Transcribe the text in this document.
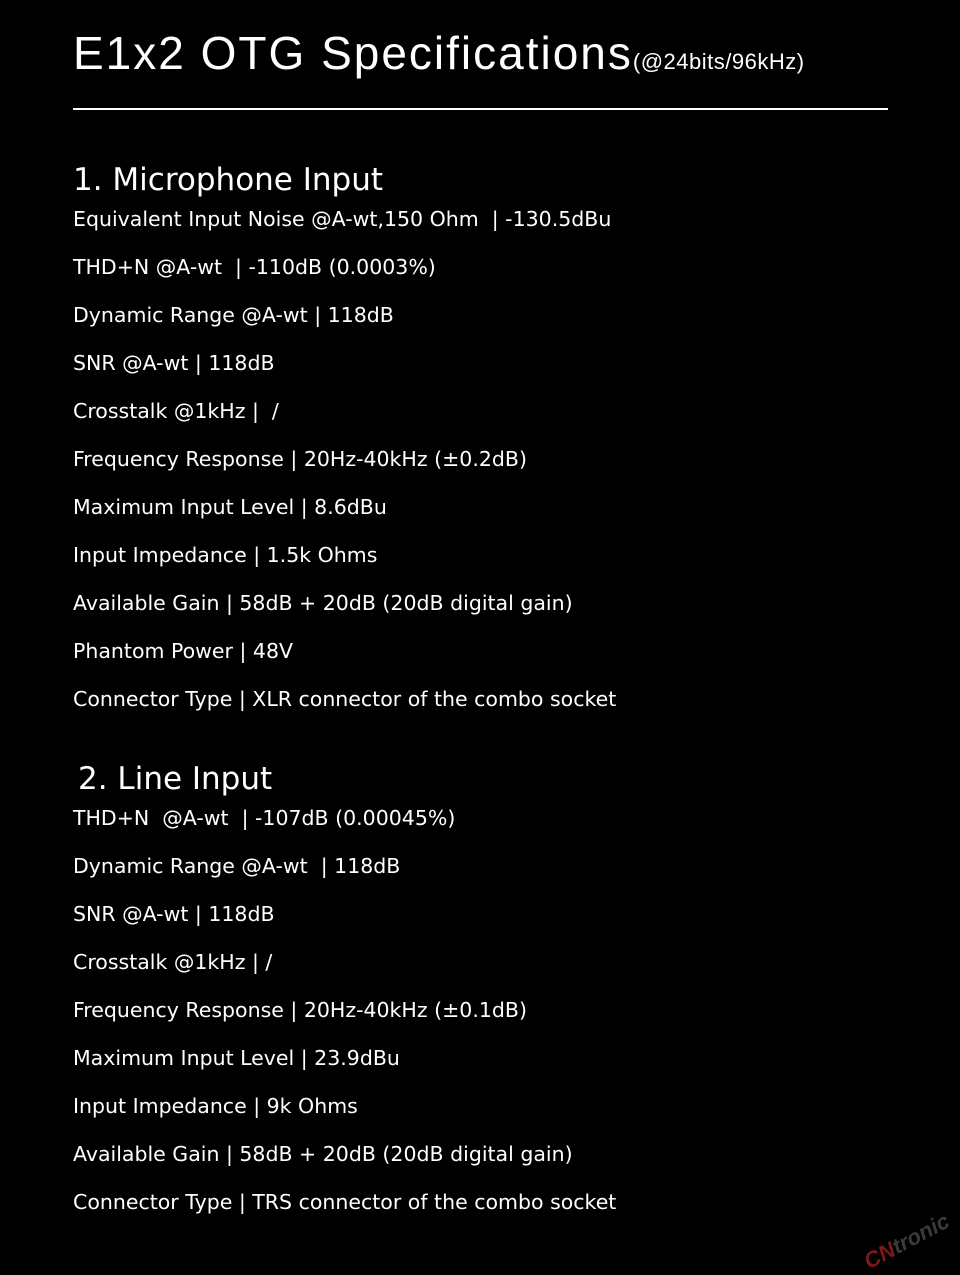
E1x2 OTG Specifications(@24bits/96kHz)
1. Microphone Input
Equivalent Input Noise @A-wt,150 Ohm  | -130.5dBu
THD+N @A-wt  | -110dB (0.0003%)
Dynamic Range @A-wt | 118dB
SNR @A-wt | 118dB
Crosstalk @1kHz |  /
Frequency Response | 20Hz-40kHz (±0.2dB)
Maximum Input Level | 8.6dBu
Input Impedance | 1.5k Ohms
Available Gain | 58dB + 20dB (20dB digital gain)
Phantom Power | 48V
Connector Type | XLR connector of the combo socket
2. Line Input
THD+N  @A-wt  | -107dB (0.00045%)
Dynamic Range @A-wt  | 118dB
SNR @A-wt | 118dB
Crosstalk @1kHz | /
Frequency Response | 20Hz-40kHz (±0.1dB)
Maximum Input Level | 23.9dBu
Input Impedance | 9k Ohms
Available Gain | 58dB + 20dB (20dB digital gain)
Connector Type | TRS connector of the combo socket
CNtronic
